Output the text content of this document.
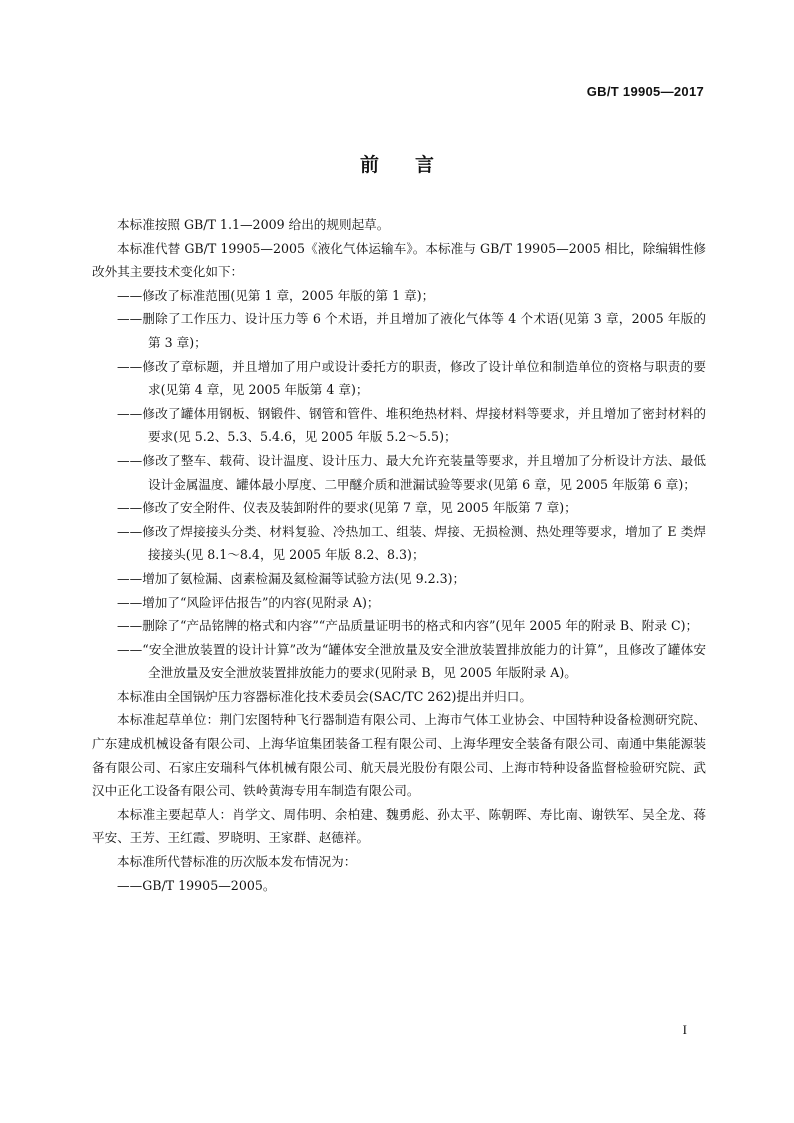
GB/T 19905—2017
前言

本标准按照 GB/T 1.1—2009 给出的规则起草。

本标准代替 GB/T 19905—2005《液化气体运输车》。本标准与 GB/T 19905—2005 相比，除编辑性修改外其主要技术变化如下：

——修改了标准范围(见第 1 章，2005 年版的第 1 章)；

——删除了工作压力、设计压力等 6 个术语，并且增加了液化气体等 4 个术语(见第 3 章，2005 年版的第 3 章)；

——修改了章标题，并且增加了用户或设计委托方的职责，修改了设计单位和制造单位的资格与职责的要求(见第 4 章，见 2005 年版第 4 章)；

——修改了罐体用钢板、钢锻件、钢管和管件、堆积绝热材料、焊接材料等要求，并且增加了密封材料的要求(见 5.2、5.3、5.4.6，见 2005 年版 5.2～5.5)；

——修改了整车、载荷、设计温度、设计压力、最大允许充装量等要求，并且增加了分析设计方法、最低设计金属温度、罐体最小厚度、二甲醚介质和泄漏试验等要求(见第 6 章，见 2005 年版第 6 章)；

——修改了安全附件、仪表及装卸附件的要求(见第 7 章，见 2005 年版第 7 章)；

——修改了焊接接头分类、材料复验、冷热加工、组装、焊接、无损检测、热处理等要求，增加了 E 类焊接接头(见 8.1～8.4，见 2005 年版 8.2、8.3)；

——增加了氨检漏、卤素检漏及氦检漏等试验方法(见 9.2.3)；

——增加了“风险评估报告”的内容(见附录 A)；

——删除了“产品铭牌的格式和内容”“产品质量证明书的格式和内容”(见年 2005 年的附录 B、附录 C)；

——“安全泄放装置的设计计算”改为“罐体安全泄放量及安全泄放装置排放能力的计算”，且修改了罐体安全泄放量及安全泄放装置排放能力的要求(见附录 B，见 2005 年版附录 A)。

本标准由全国锅炉压力容器标准化技术委员会(SAC/TC 262)提出并归口。

本标准起草单位：荆门宏图特种飞行器制造有限公司、上海市气体工业协会、中国特种设备检测研究院、广东建成机械设备有限公司、上海华谊集团装备工程有限公司、上海华理安全装备有限公司、南通中集能源装备有限公司、石家庄安瑞科气体机械有限公司、航天晨光股份有限公司、上海市特种设备监督检验研究院、武汉中正化工设备有限公司、铁岭黄海专用车制造有限公司。

本标准主要起草人：肖学文、周伟明、余柏建、魏勇彪、孙太平、陈朝晖、寿比南、谢铁军、吴全龙、蒋平安、王芳、王红霞、罗晓明、王家群、赵德祥。

本标准所代替标准的历次版本发布情况为：

——GB/T 19905—2005。

I
